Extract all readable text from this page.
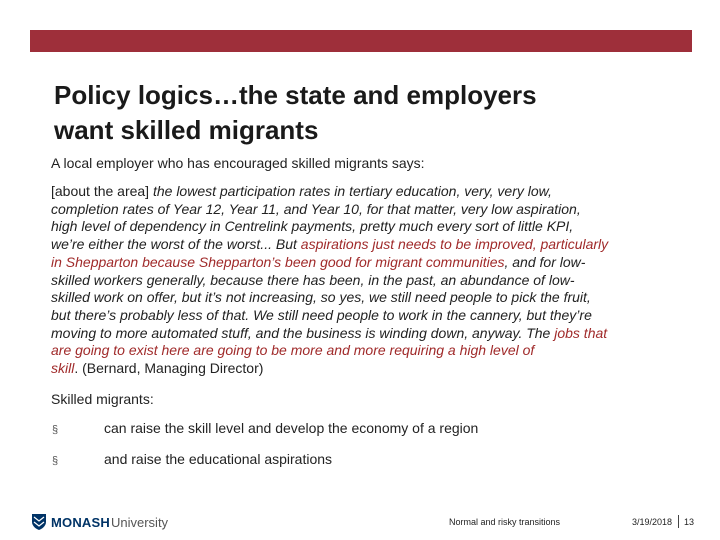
Policy logics…the state and employers
want skilled migrants

A local employer who has encouraged skilled migrants says:

[about the area] the lowest participation rates in tertiary education, very, very low,
completion rates of Year 12, Year 11, and Year 10, for that matter, very low aspiration,
high level of dependency in Centrelink payments, pretty much every sort of little KPI,
we’re either the worst of the worst... But aspirations just needs to be improved, particularly
in Shepparton because Shepparton’s been good for migrant communities, and for low-
skilled workers generally, because there has been, in the past, an abundance of low-
skilled work on offer, but it’s not increasing, so yes, we still need people to pick the fruit,
but there’s probably less of that. We still need people to work in the cannery, but they’re
moving to more automated stuff, and the business is winding down, anyway. The jobs that
are going to exist here are going to be more and more requiring a high level of
skill. (Bernard, Managing Director)

Skilled migrants:

§	can raise the skill level and develop the economy of a region
§	and raise the educational aspirations
MONASH University	Normal and risky transitions	3/19/2018 13
